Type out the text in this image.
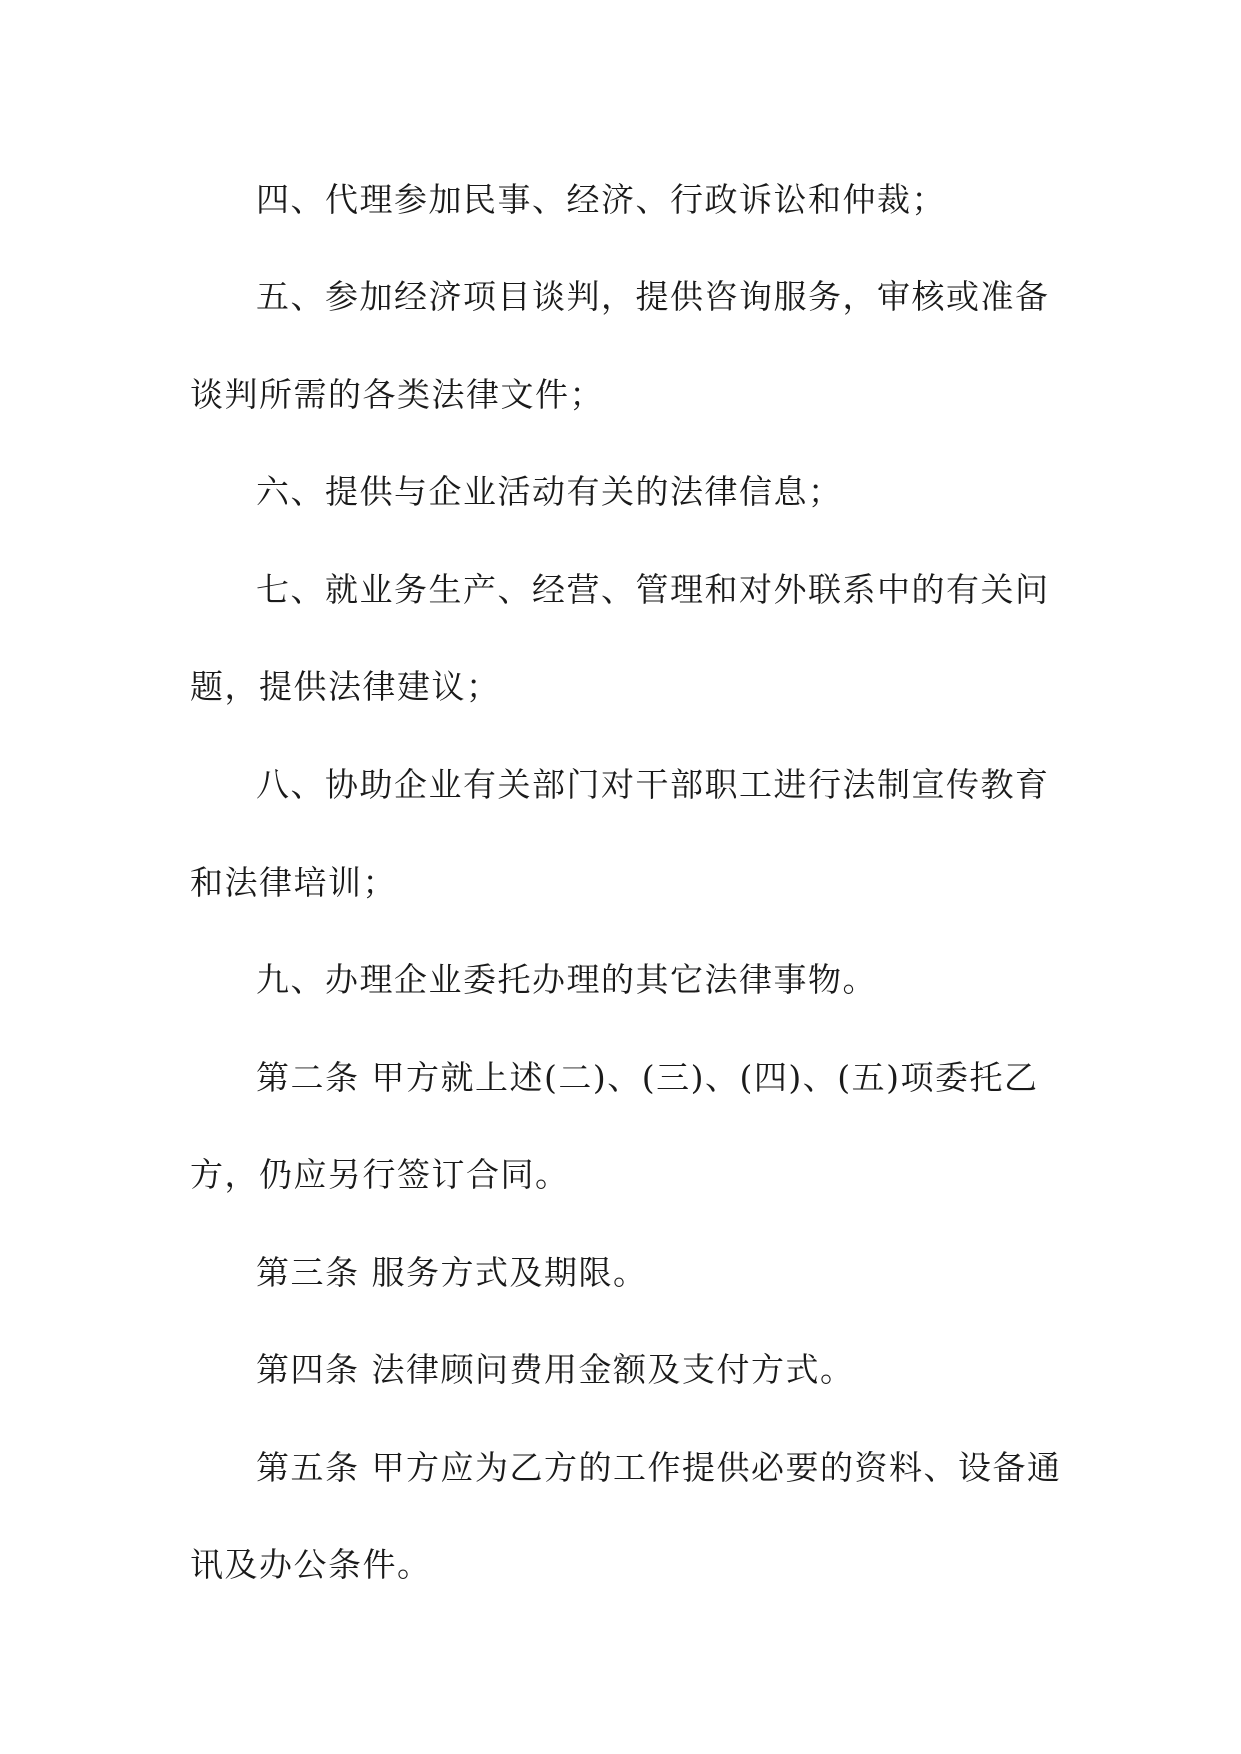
四、代理参加民事、经济、行政诉讼和仲裁；

五、参加经济项目谈判，提供咨询服务，审核或准备

谈判所需的各类法律文件；

六、提供与企业活动有关的法律信息；

七、就业务生产、经营、管理和对外联系中的有关问

题，提供法律建议；

八、协助企业有关部门对干部职工进行法制宣传教育

和法律培训；

九、办理企业委托办理的其它法律事物。

第二条 甲方就上述(二)、(三)、(四)、(五)项委托乙

方，仍应另行签订合同。

第三条 服务方式及期限。

第四条 法律顾问费用金额及支付方式。

第五条 甲方应为乙方的工作提供必要的资料、设备通

讯及办公条件。
